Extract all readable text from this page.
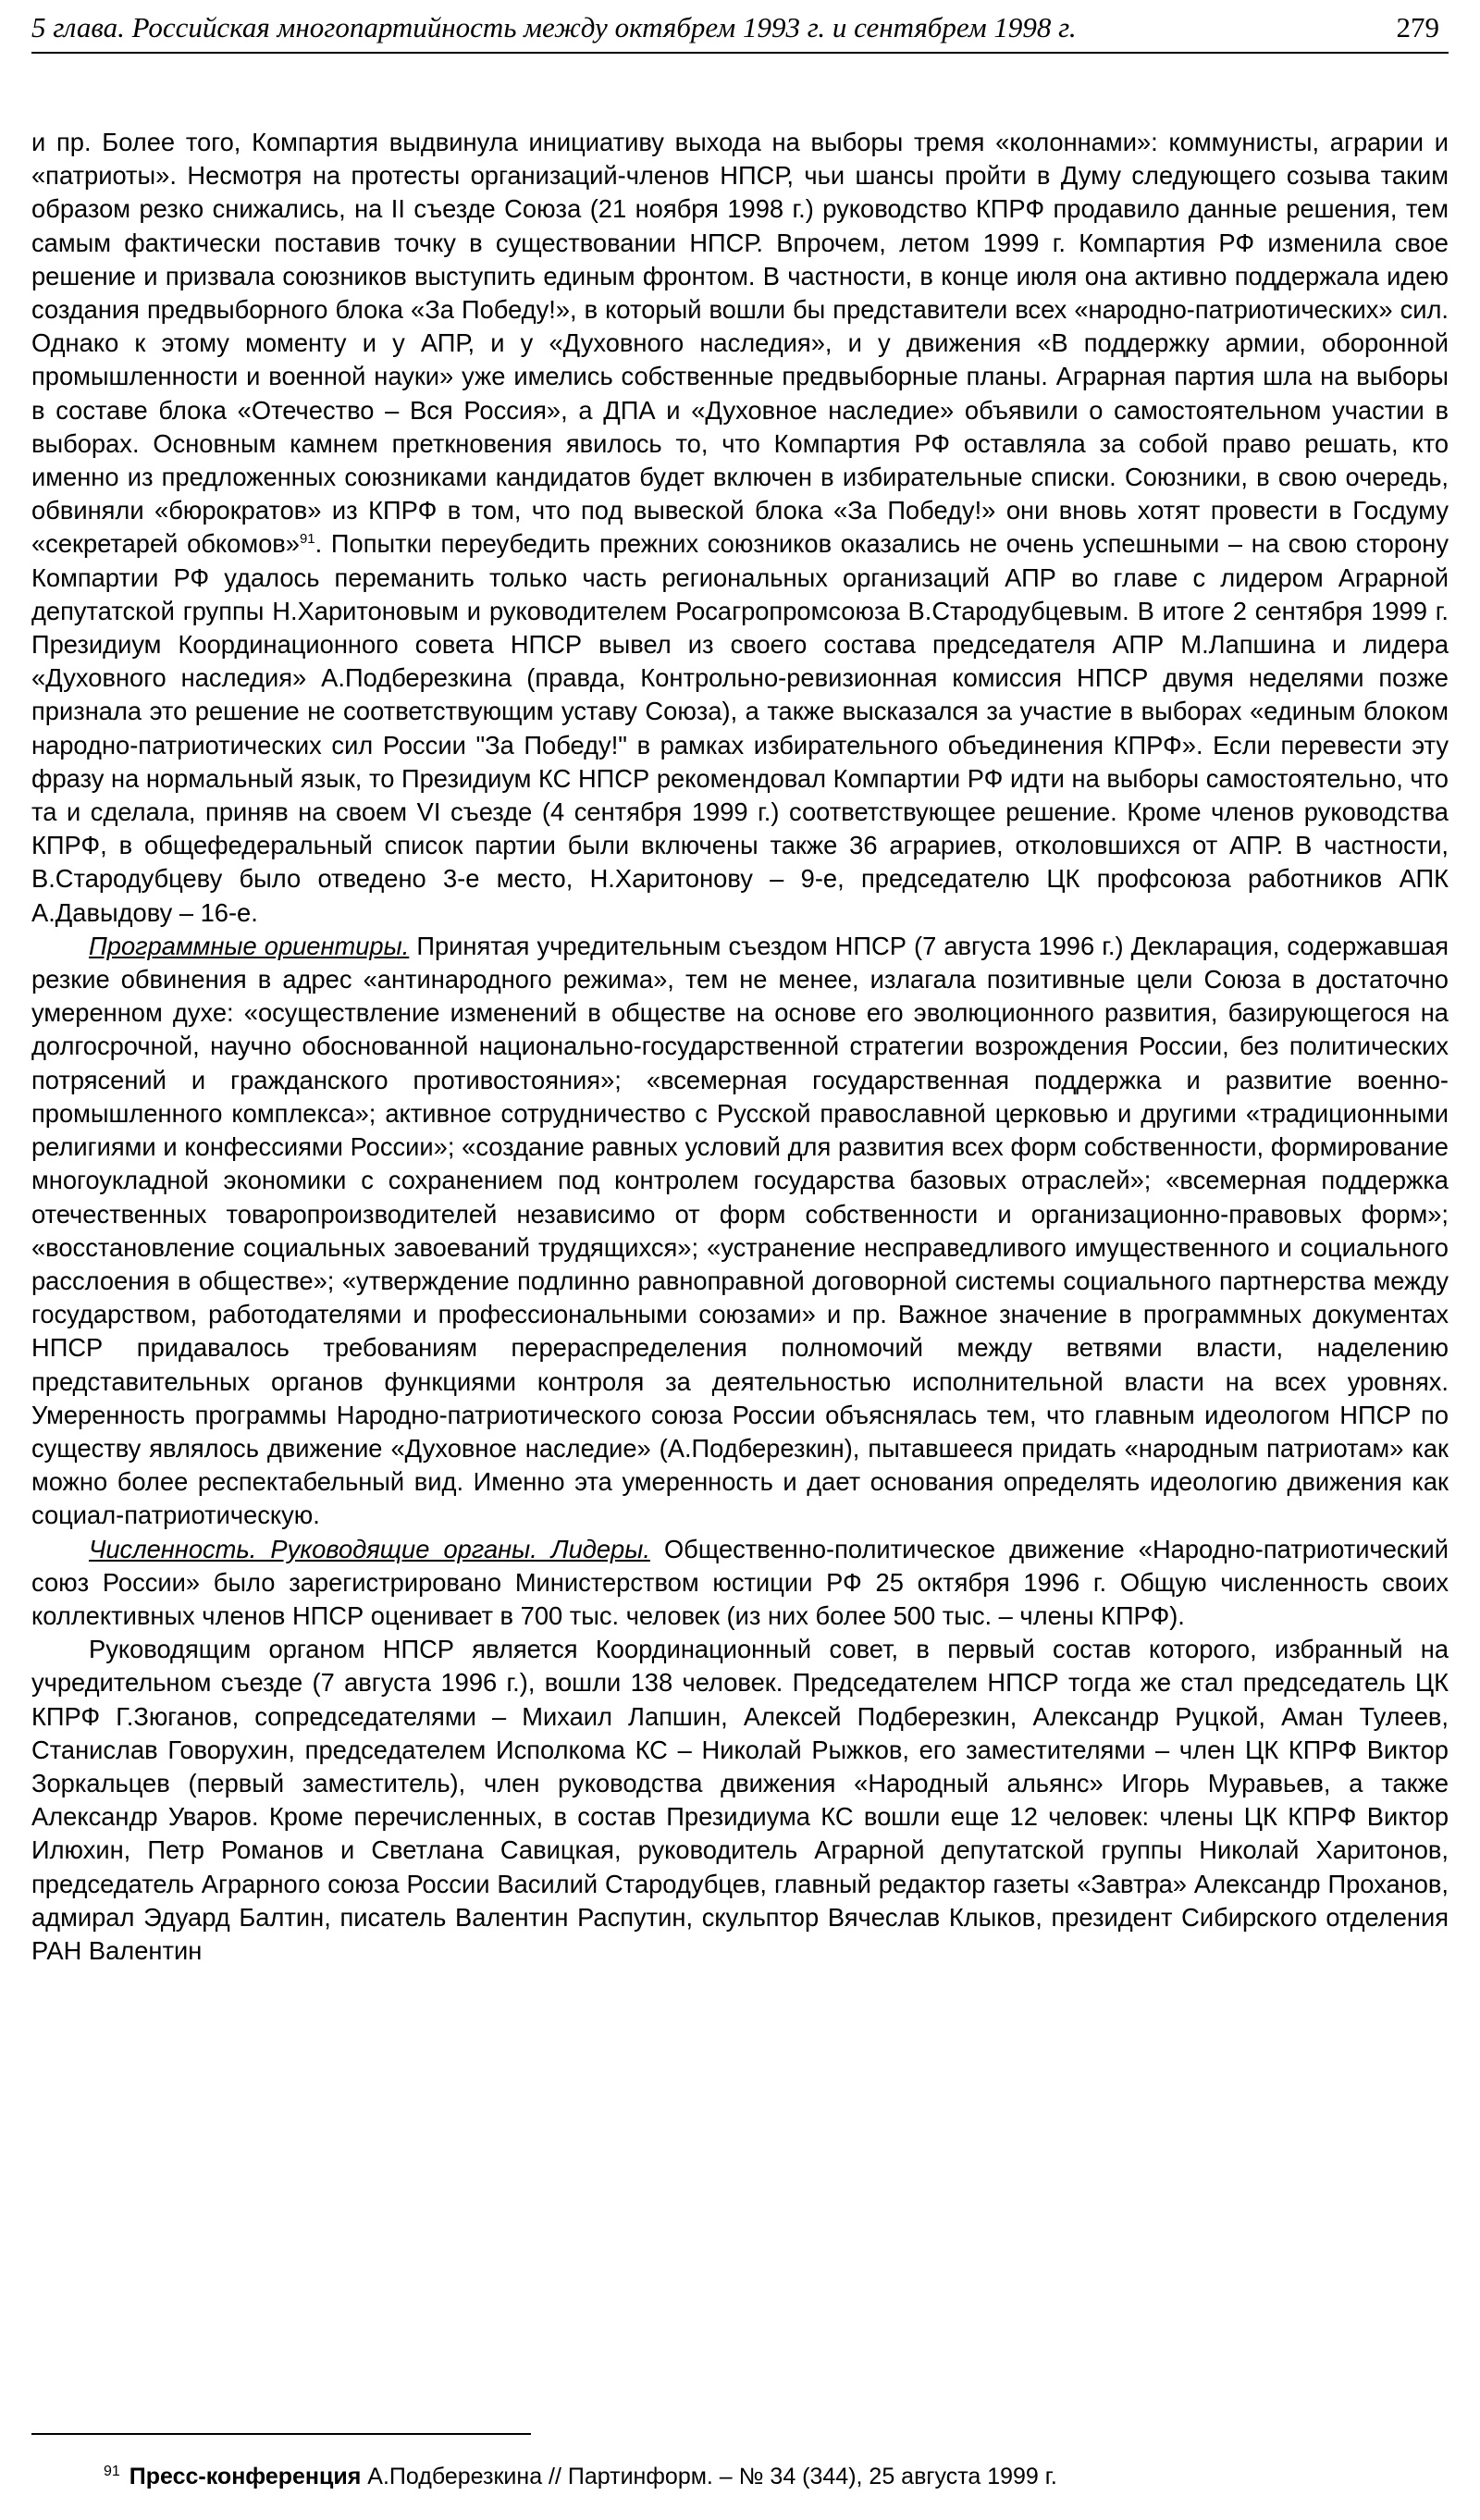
5 глава. Российская многопартийность между октябрем 1993 г. и сентябрем 1998 г.	279

и пр. Более того, Компартия выдвинула инициативу выхода на выборы тремя «колоннами»: коммунисты, аграрии и «патриоты». Несмотря на протесты организаций-членов НПСР, чьи шансы пройти в Думу следующего созыва таким образом резко снижались, на II съезде Союза (21 ноября 1998 г.) руководство КПРФ продавило данные решения, тем самым фактически поставив точку в существовании НПСР. Впрочем, летом 1999 г. Компартия РФ изменила свое решение и призвала союзников выступить единым фронтом. В частности, в конце июля она активно поддержала идею создания предвыборного блока «За Победу!», в который вошли бы представители всех «народно-патриотических» сил. Однако к этому моменту и у АПР, и у «Духовного наследия», и у движения «В поддержку армии, оборонной промышленности и военной науки» уже имелись собственные предвыборные планы. Аграрная партия шла на выборы в составе блока «Отечество – Вся Россия», а ДПА и «Духовное наследие» объявили о самостоятельном участии в выборах. Основным камнем преткновения явилось то, что Компартия РФ оставляла за собой право решать, кто именно из предложенных союзниками кандидатов будет включен в избирательные списки. Союзники, в свою очередь, обвиняли «бюрократов» из КПРФ в том, что под вывеской блока «За Победу!» они вновь хотят провести в Госдуму «секретарей обкомов»$^{91}$. Попытки переубедить прежних союзников оказались не очень успешными – на свою сторону Компартии РФ удалось переманить только часть региональных организаций АПР во главе с лидером Аграрной депутатской группы Н.Харитоновым и руководителем Росагропромсоюза В.Стародубцевым. В итоге 2 сентября 1999 г. Президиум Координационного совета НПСР вывел из своего состава председателя АПР М.Лапшина и лидера «Духовного наследия» А.Подберезкина (правда, Контрольно-ревизионная комиссия НПСР двумя неделями позже признала это решение не соответствующим уставу Союза), а также высказался за участие в выборах «единым блоком народно-патриотических сил России "За Победу!" в рамках избирательного объединения КПРФ». Если перевести эту фразу на нормальный язык, то Президиум КС НПСР рекомендовал Компартии РФ идти на выборы самостоятельно, что та и сделала, приняв на своем VI съезде (4 сентября 1999 г.) соответствующее решение. Кроме членов руководства КПРФ, в общефедеральный список партии были включены также 36 аграриев, отколовшихся от АПР. В частности, В.Стародубцеву было отведено 3-е место, Н.Харитонову – 9-е, председателю ЦК профсоюза работников АПК А.Давыдову – 16-е.

Программные ориентиры. Принятая учредительным съездом НПСР (7 августа 1996 г.) Декларация, содержавшая резкие обвинения в адрес «антинародного режима», тем не менее, излагала позитивные цели Союза в достаточно умеренном духе: «осуществление изменений в обществе на основе его эволюционного развития, базирующегося на долгосрочной, научно обоснованной национально-государственной стратегии возрождения России, без политических потрясений и гражданского противостояния»; «всемерная государственная поддержка и развитие военно-промышленного комплекса»; активное сотрудничество с Русской православной церковью и другими «традиционными религиями и конфессиями России»; «создание равных условий для развития всех форм собственности, формирование многоукладной экономики с сохранением под контролем государства базовых отраслей»; «всемерная поддержка отечественных товаропроизводителей независимо от форм собственности и организационно-правовых форм»; «восстановление социальных завоеваний трудящихся»; «устранение несправедливого имущественного и социального расслоения в обществе»; «утверждение подлинно равноправной договорной системы социального партнерства между государством, работодателями и профессиональными союзами» и пр. Важное значение в программных документах НПСР придавалось требованиям перераспределения полномочий между ветвями власти, наделению представительных органов функциями контроля за деятельностью исполнительной власти на всех уровнях. Умеренность программы Народно-патриотического союза России объяснялась тем, что главным идеологом НПСР по существу являлось движение «Духовное наследие» (А.Подберезкин), пытавшееся придать «народным патриотам» как можно более респектабельный вид. Именно эта умеренность и дает основания определять идеологию движения как социал-патриотическую.

Численность. Руководящие органы. Лидеры. Общественно-политическое движение «Народно-патриотический союз России» было зарегистрировано Министерством юстиции РФ 25 октября 1996 г. Общую численность своих коллективных членов НПСР оценивает в 700 тыс. человек (из них более 500 тыс. – члены КПРФ).

Руководящим органом НПСР является Координационный совет, в первый состав которого, избранный на учредительном съезде (7 августа 1996 г.), вошли 138 человек. Председателем НПСР тогда же стал председатель ЦК КПРФ Г.Зюганов, сопредседателями – Михаил Лапшин, Алексей Подберезкин, Александр Руцкой, Аман Тулеев, Станислав Говорухин, председателем Исполкома КС – Николай Рыжков, его заместителями – член ЦК КПРФ Виктор Зоркальцев (первый заместитель), член руководства движения «Народный альянс» Игорь Муравьев, а также Александр Уваров. Кроме перечисленных, в состав Президиума КС вошли еще 12 человек: члены ЦК КПРФ Виктор Илюхин, Петр Романов и Светлана Савицкая, руководитель Аграрной депутатской группы Николай Харитонов, председатель Аграрного союза России Василий Стародубцев, главный редактор газеты «Завтра» Александр Проханов, адмирал Эдуард Балтин, писатель Валентин Распутин, скульптор Вячеслав Клыков, президент Сибирского отделения РАН Валентин

$^{91}$ Пресс-конференция А.Подберезкина // Партинформ. – № 34 (344), 25 августа 1999 г.
